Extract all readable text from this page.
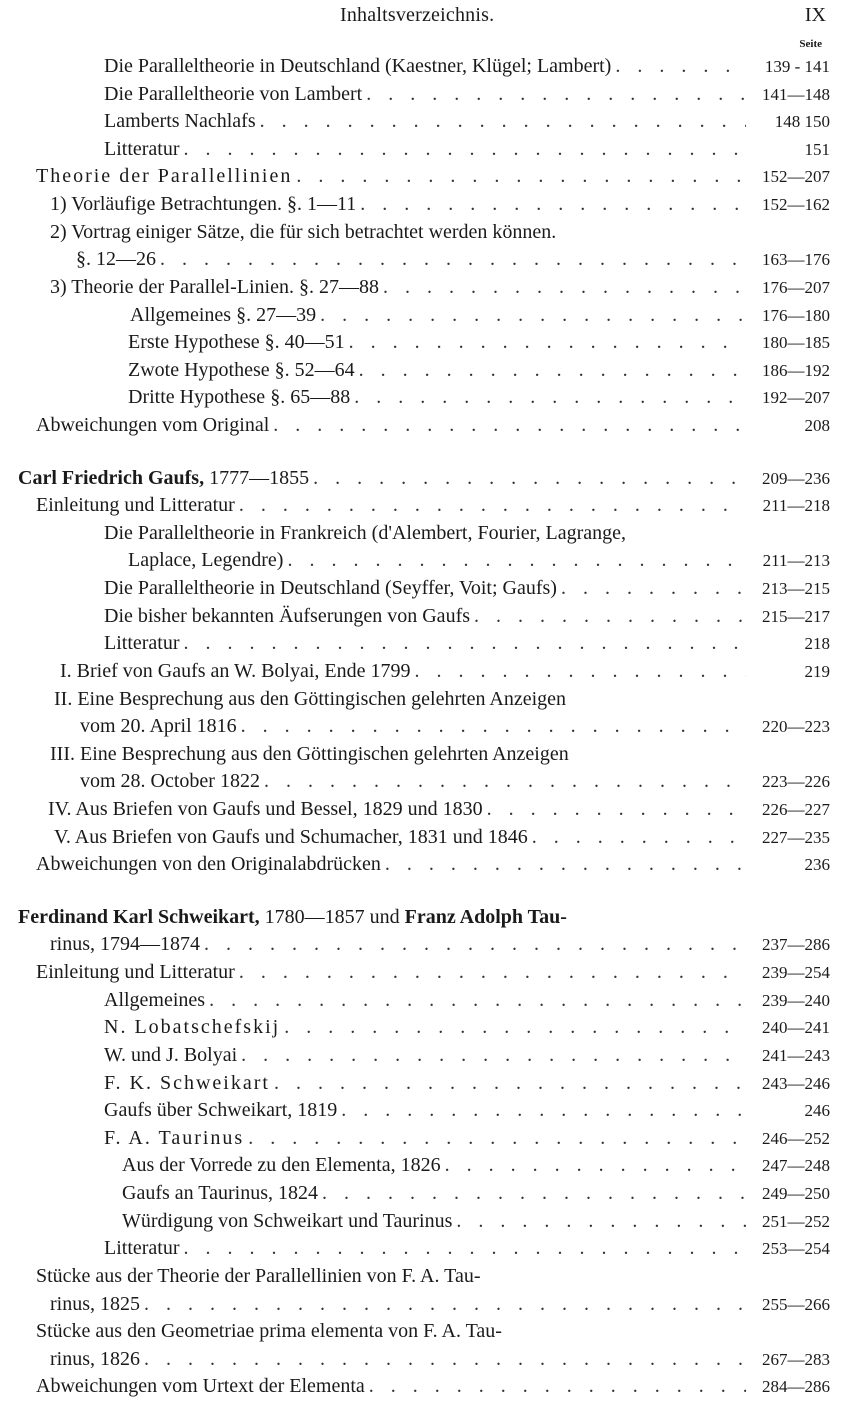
Inhaltsverzeichnis.	IX
Seite
Die Paralleltheorie in Deutschland (Kaestner, Klügel; Lambert) . . .	139 - 141
Die Paralleltheorie von Lambert . . .	141—148
Lamberts Nachlafs . . .	148 150
Litteratur . . .	151
Theorie der Parallellinien . . .	152—207
1) Vorläufige Betrachtungen. §. 1—11 . . .	152—162
2) Vortrag einiger Sätze, die für sich betrachtet werden können.
§. 12—26 . . .	163—176
3) Theorie der Parallel-Linien. §. 27—88 . . .	176—207
Allgemeines §. 27—39 . . .	176—180
Erste Hypothese §. 40—51 . . .	180—185
Zwote Hypothese §. 52—64 . . .	186—192
Dritte Hypothese §. 65—88 . . .	192—207
Abweichungen vom Original . . .	208
Carl Friedrich Gaufs, 1777—1855 . . .	209—236
Einleitung und Litteratur . . .	211—218
Die Paralleltheorie in Frankreich (d'Alembert, Fourier, Lagrange,
Laplace, Legendre) . . .	211—213
Die Paralleltheorie in Deutschland (Seyffer, Voit; Gaufs) . . .	213—215
Die bisher bekannten Äufserungen von Gaufs . . .	215—217
Litteratur . . .	218
I. Brief von Gaufs an W. Bolyai, Ende 1799 . . .	219
II. Eine Besprechung aus den Göttingischen gelehrten Anzeigen
vom 20. April 1816 . . .	220—223
III. Eine Besprechung aus den Göttingischen gelehrten Anzeigen
vom 28. October 1822 . . .	223—226
IV. Aus Briefen von Gaufs und Bessel, 1829 und 1830 . . .	226—227
V. Aus Briefen von Gaufs und Schumacher, 1831 und 1846 . . .	227—235
Abweichungen von den Originalabdrücken . . .	236
Ferdinand Karl Schweikart, 1780—1857 und Franz Adolph Tau-
rinus, 1794—1874 . . .	237—286
Einleitung und Litteratur . . .	239—254
Allgemeines . . .	239—240
N. Lobatschefskij . . .	240—241
W. und J. Bolyai . . .	241—243
F. K. Schweikart . . .	243—246
Gaufs über Schweikart, 1819 . . .	246
F. A. Taurinus . . .	246—252
Aus der Vorrede zu den Elementa, 1826 . . .	247—248
Gaufs an Taurinus, 1824 . . .	249—250
Würdigung von Schweikart und Taurinus . . .	251—252
Litteratur . . .	253—254
Stücke aus der Theorie der Parallellinien von F. A. Tau-
rinus, 1825 . . .	255—266
Stücke aus den Geometriae prima elementa von F. A. Tau-
rinus, 1826 . . .	267—283
Abweichungen vom Urtext der Elementa . . .	284—286
